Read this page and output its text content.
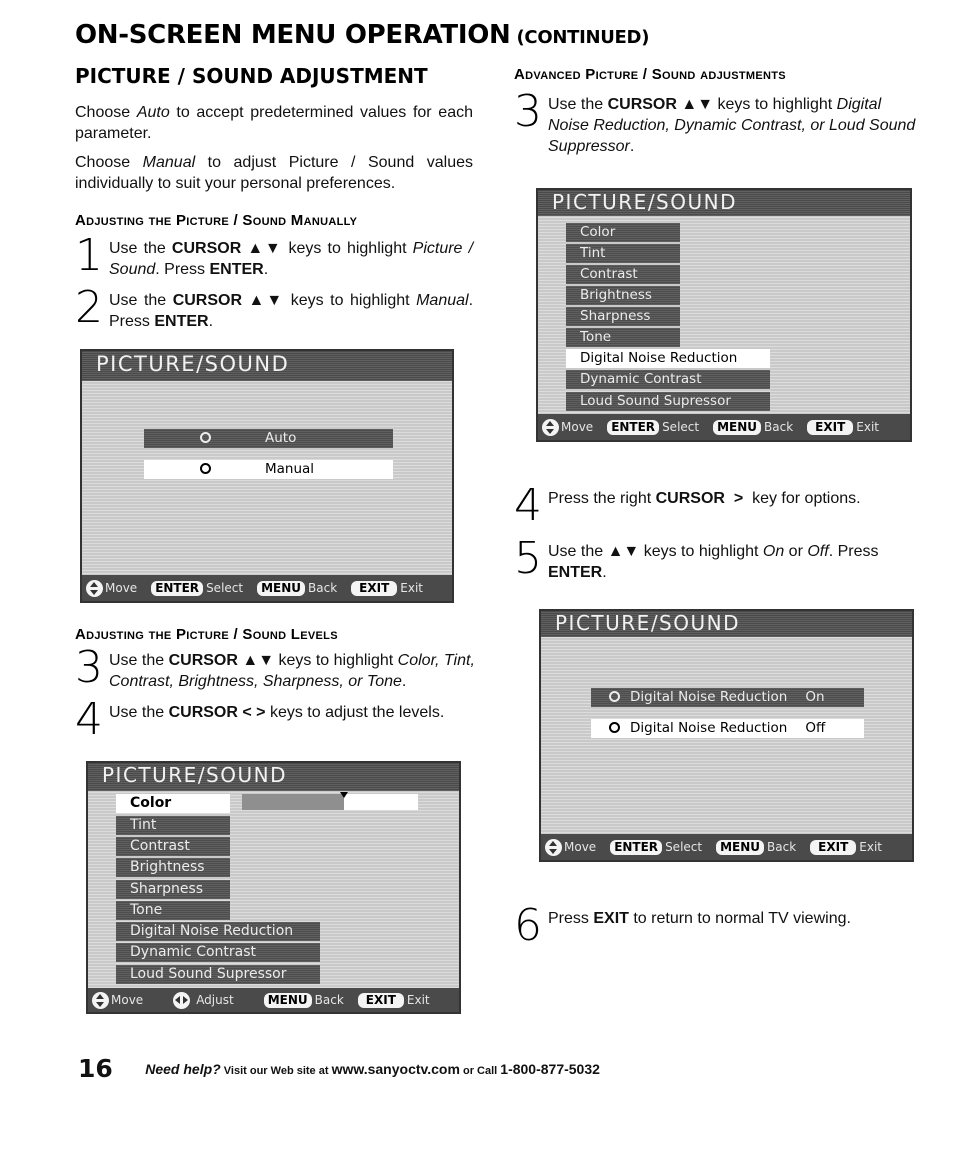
ON-SCREEN MENU OPERATION (CONTINUED)
PICTURE / SOUND ADJUSTMENT
Choose Auto to accept predetermined values for each parameter.
Choose Manual to adjust Picture / Sound values individually to suit your personal preferences.
Adjusting the Picture / Sound Manually
1 Use the CURSOR ▲▼ keys to highlight Picture / Sound. Press ENTER.
2 Use the CURSOR ▲▼ keys to highlight Manual. Press ENTER.
PICTURE/SOUND
Auto
Manual
Move	ENTER Select	MENU Back	EXIT Exit
Adjusting the Picture / Sound Levels
3 Use the CURSOR ▲▼ keys to highlight Color, Tint, Contrast, Brightness, Sharpness, or Tone.
4 Use the CURSOR < > keys to adjust the levels.
PICTURE/SOUND
Color
Tint
Contrast
Brightness
Sharpness
Tone
Digital Noise Reduction
Dynamic Contrast
Loud Sound Supressor
Move	Adjust	MENU Back	EXIT Exit
Advanced Picture / Sound adjustments
3 Use the CURSOR ▲▼ keys to highlight Digital Noise Reduction, Dynamic Contrast, or Loud Sound Suppressor.
PICTURE/SOUND
Color
Tint
Contrast
Brightness
Sharpness
Tone
Digital Noise Reduction
Dynamic Contrast
Loud Sound Supressor
Move	ENTER Select	MENU Back	EXIT Exit
4 Press the right CURSOR  >  key for options.
5 Use the ▲▼ keys to highlight On or Off. Press ENTER.
PICTURE/SOUND
Digital Noise Reduction On
Digital Noise Reduction Off
Move	ENTER Select	MENU Back	EXIT Exit
6 Press EXIT to return to normal TV viewing.
16 Need help? Visit our Web site at www.sanyoctv.com or Call 1-800-877-5032
